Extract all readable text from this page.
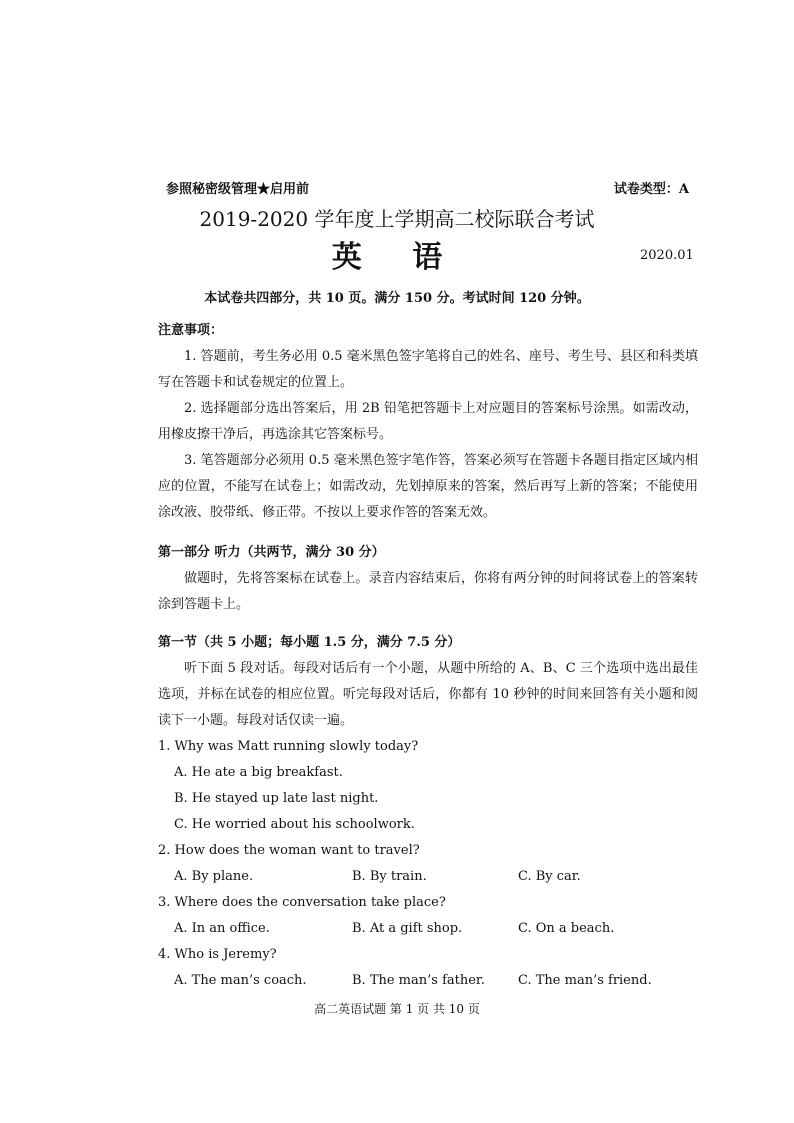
参照秘密级管理★启用前	试卷类型：A
2019-2020 学年度上学期高二校际联合考试
英 语	2020.01
本试卷共四部分，共 10 页。满分 150 分。考试时间 120 分钟。
注意事项：

1. 答题前，考生务必用 0.5 毫米黑色签字笔将自己的姓名、座号、考生号、县区和科类填写在答题卡和试卷规定的位置上。

2. 选择题部分选出答案后，用 2B 铅笔把答题卡上对应题目的答案标号涂黑。如需改动，用橡皮擦干净后，再选涂其它答案标号。

3. 笔答题部分必须用 0.5 毫米黑色签字笔作答，答案必须写在答题卡各题目指定区域内相应的位置，不能写在试卷上；如需改动，先划掉原来的答案，然后再写上新的答案；不能使用涂改液、胶带纸、修正带。不按以上要求作答的答案无效。

第一部分 听力（共两节，满分 30 分）

做题时，先将答案标在试卷上。录音内容结束后，你将有两分钟的时间将试卷上的答案转涂到答题卡上。

第一节（共 5 小题；每小题 1.5 分，满分 7.5 分）

听下面 5 段对话。每段对话后有一个小题，从题中所给的 A、B、C 三个选项中选出最佳选项，并标在试卷的相应位置。听完每段对话后，你都有 10 秒钟的时间来回答有关小题和阅读下一小题。每段对话仅读一遍。

1. Why was Matt running slowly today?

A. He ate a big breakfast.

B. He stayed up late last night.

C. He worried about his schoolwork.

2. How does the woman want to travel?

A. By plane.	B. By train.	C. By car.

3. Where does the conversation take place?

A. In an office.	B. At a gift shop.	C. On a beach.

4. Who is Jeremy?

A. The man’s coach.	B. The man’s father.	C. The man’s friend.
高二英语试题 第 1 页 共 10 页
